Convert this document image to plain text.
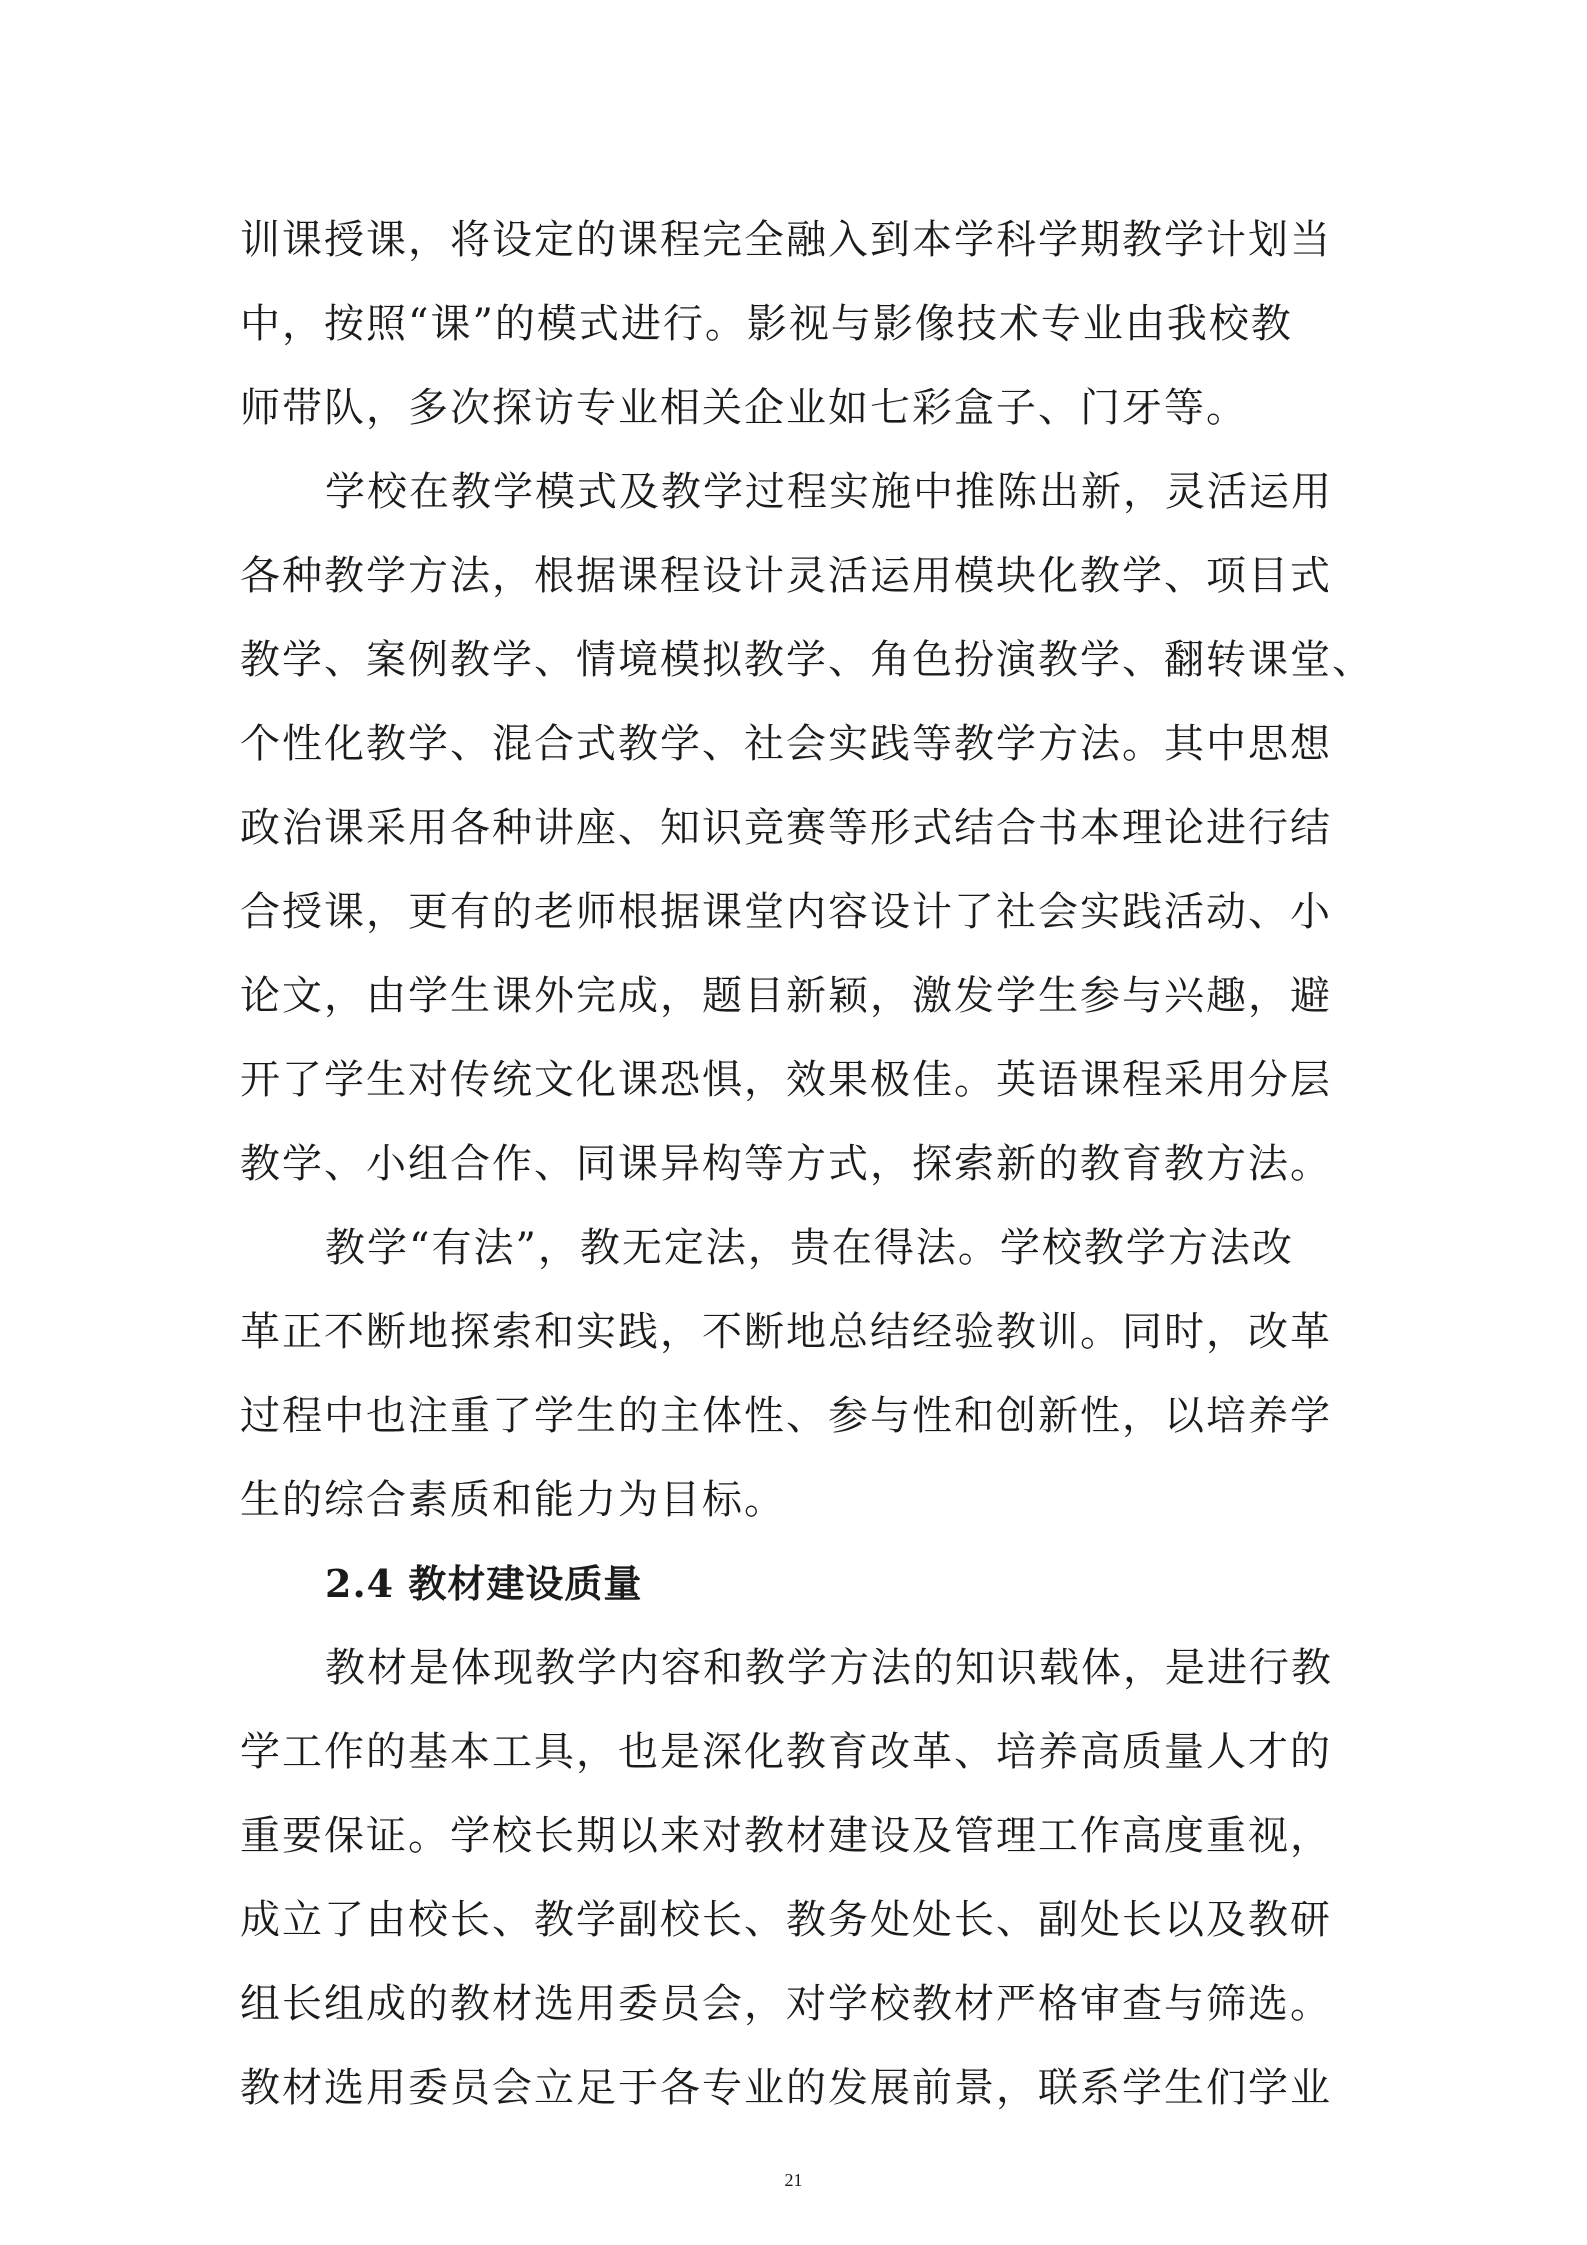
训课授课，将设定的课程完全融入到本学科学期教学计划当
中，按照“课”的模式进行。影视与影像技术专业由我校教
师带队，多次探访专业相关企业如七彩盒子、门牙等。
学校在教学模式及教学过程实施中推陈出新，灵活运用
各种教学方法，根据课程设计灵活运用模块化教学、项目式
教学、案例教学、情境模拟教学、角色扮演教学、翻转课堂、
个性化教学、混合式教学、社会实践等教学方法。其中思想
政治课采用各种讲座、知识竞赛等形式结合书本理论进行结
合授课，更有的老师根据课堂内容设计了社会实践活动、小
论文，由学生课外完成，题目新颖，激发学生参与兴趣，避
开了学生对传统文化课恐惧，效果极佳。英语课程采用分层
教学、小组合作、同课异构等方式，探索新的教育教方法。
教学“有法”，教无定法，贵在得法。学校教学方法改
革正不断地探索和实践，不断地总结经验教训。同时，改革
过程中也注重了学生的主体性、参与性和创新性，以培养学
生的综合素质和能力为目标。
2.4 教材建设质量
教材是体现教学内容和教学方法的知识载体，是进行教
学工作的基本工具，也是深化教育改革、培养高质量人才的
重要保证。学校长期以来对教材建设及管理工作高度重视，
成立了由校长、教学副校长、教务处处长、副处长以及教研
组长组成的教材选用委员会，对学校教材严格审查与筛选。
教材选用委员会立足于各专业的发展前景，联系学生们学业
21
